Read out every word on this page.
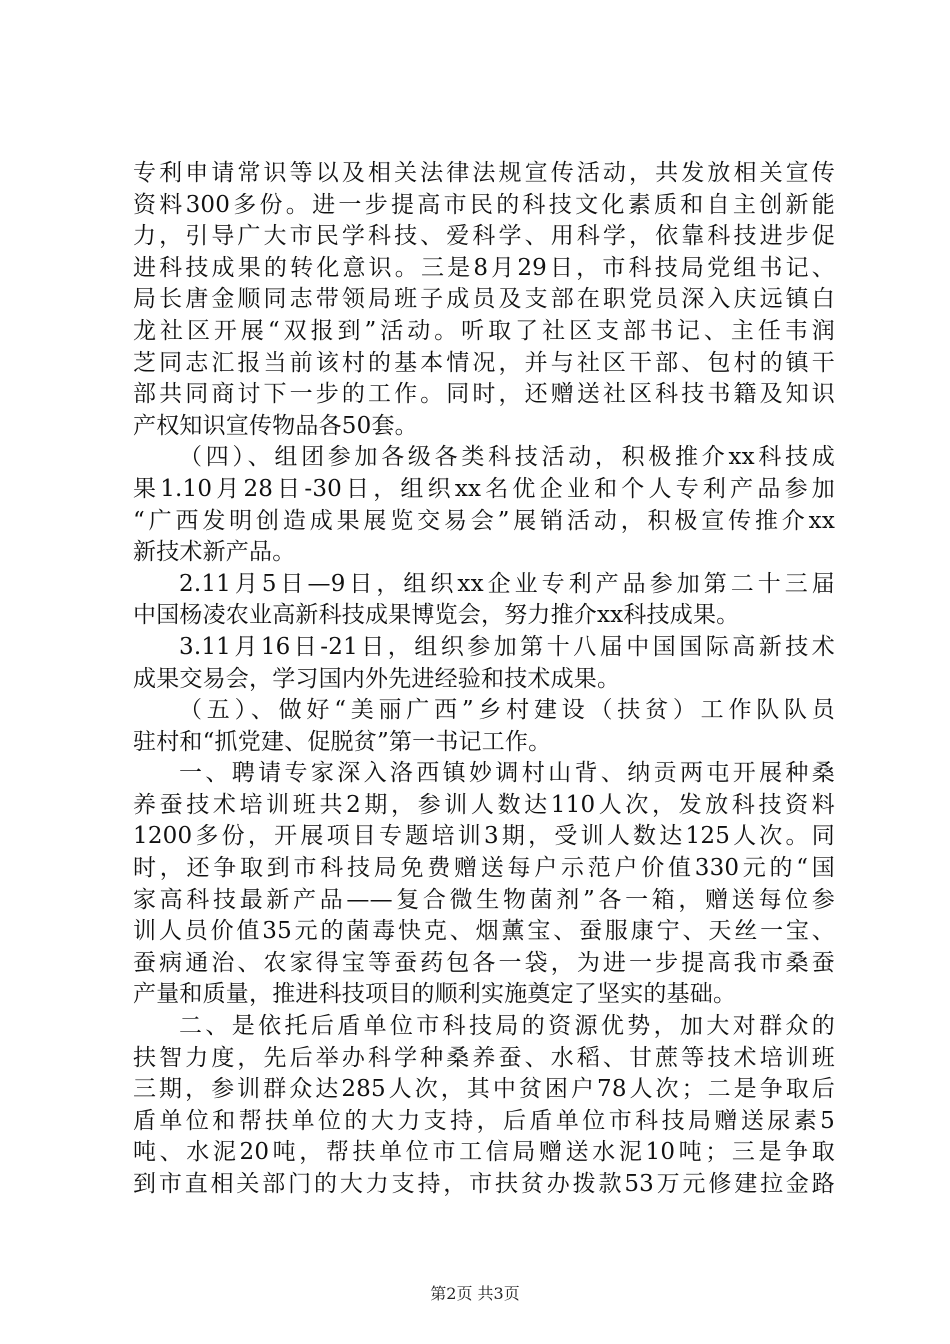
专利申请常识等以及相关法律法规宣传活动，共发放相关宣传
资料300多份。进一步提高市民的科技文化素质和自主创新能
力，引导广大市民学科技、爱科学、用科学，依靠科技进步促
进科技成果的转化意识。三是8月29日，市科技局党组书记、
局长唐金顺同志带领局班子成员及支部在职党员深入庆远镇白
龙社区开展“双报到”活动。听取了社区支部书记、主任韦润
芝同志汇报当前该村的基本情况，并与社区干部、包村的镇干
部共同商讨下一步的工作。同时，还赠送社区科技书籍及知识
产权知识宣传物品各50套。
（四）、组团参加各级各类科技活动，积极推介xx科技成
果1.10月28日-30日，组织xx名优企业和个人专利产品参加
“广西发明创造成果展览交易会”展销活动，积极宣传推介xx
新技术新产品。
2.11月5日—9日，组织xx企业专利产品参加第二十三届
中国杨凌农业高新科技成果博览会，努力推介xx科技成果。
3.11月16日-21日，组织参加第十八届中国国际高新技术
成果交易会，学习国内外先进经验和技术成果。
（五）、做好“美丽广西”乡村建设（扶贫）工作队队员
驻村和“抓党建、促脱贫”第一书记工作。
一、聘请专家深入洛西镇妙调村山背、纳贡两屯开展种桑
养蚕技术培训班共2期，参训人数达110人次，发放科技资料
1200多份，开展项目专题培训3期，受训人数达125人次。同
时，还争取到市科技局免费赠送每户示范户价值330元的“国
家高科技最新产品——复合微生物菌剂”各一箱，赠送每位参
训人员价值35元的菌毒快克、烟薰宝、蚕服康宁、天丝一宝、
蚕病通治、农家得宝等蚕药包各一袋，为进一步提高我市桑蚕
产量和质量，推进科技项目的顺利实施奠定了坚实的基础。
二、是依托后盾单位市科技局的资源优势，加大对群众的
扶智力度，先后举办科学种桑养蚕、水稻、甘蔗等技术培训班
三期，参训群众达285人次，其中贫困户78人次；二是争取后
盾单位和帮扶单位的大力支持，后盾单位市科技局赠送尿素5
吨、水泥20吨，帮扶单位市工信局赠送水泥10吨；三是争取
到市直相关部门的大力支持，市扶贫办拨款53万元修建拉金路
第2页 共3页
